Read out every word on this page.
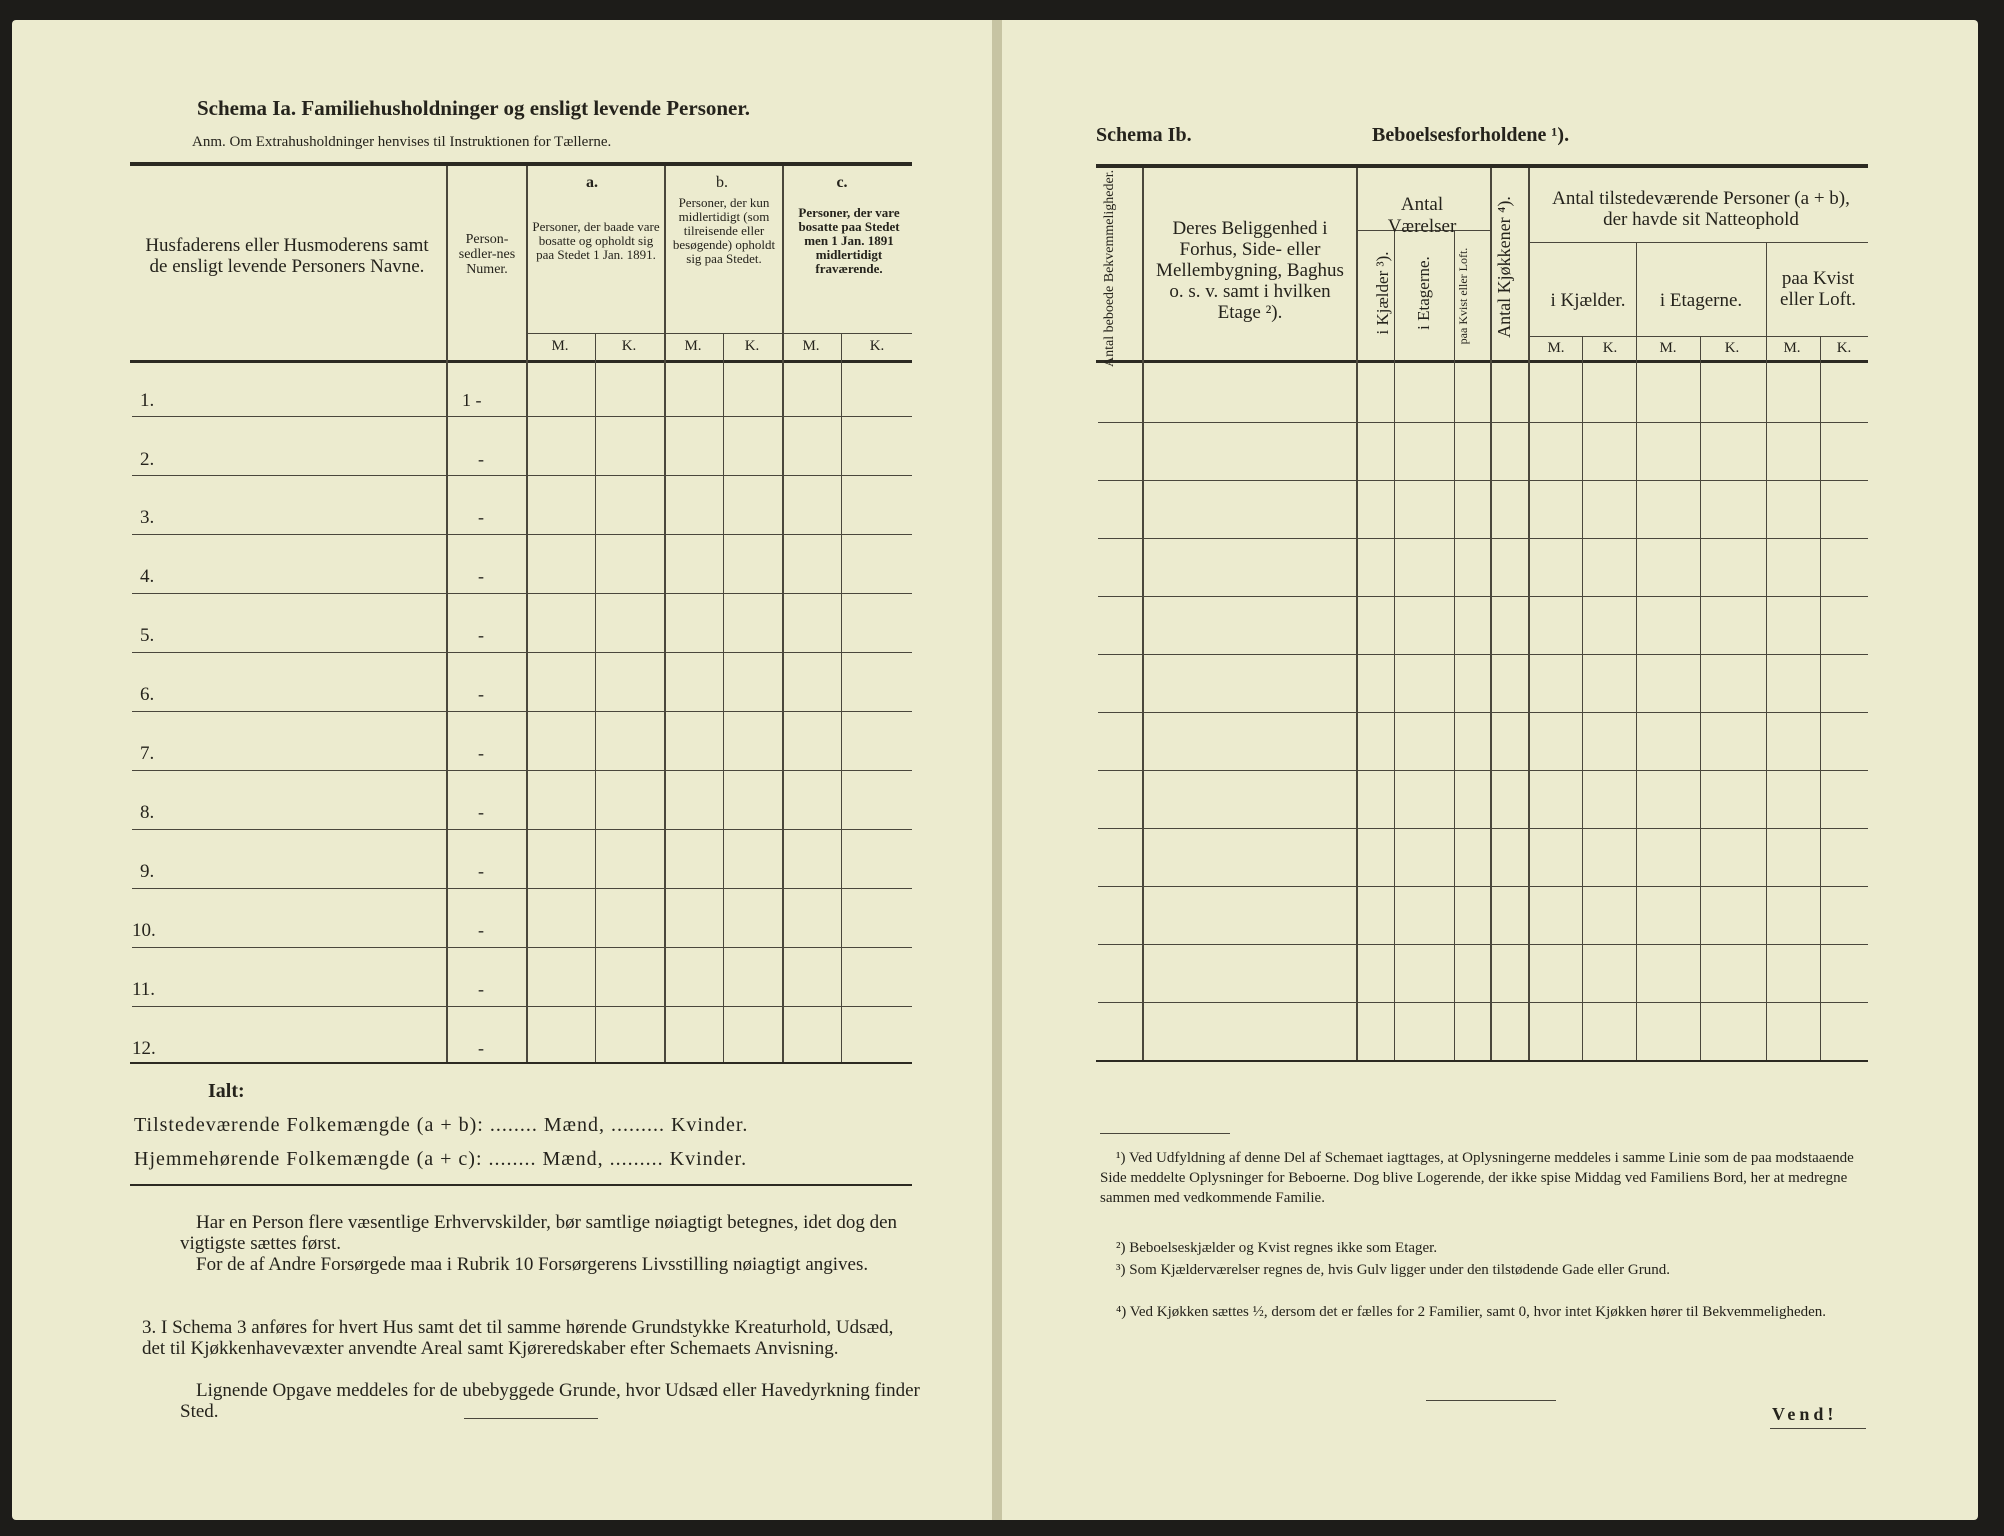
Schema Ia. Familiehusholdninger og ensligt levende Personer.
Anm. Om Extrahusholdninger henvises til Instruktionen for Tællerne.
Husfaderens eller Husmoderens samt de ensligt levende Personers Navne.
Person-sedler-nes Numer.
a.
Personer, der baade vare bosatte og opholdt sig paa Stedet 1 Jan. 1891.
b.
Personer, der kun midlertidigt (som tilreisende eller besøgende) opholdt sig paa Stedet.
c.
Personer, der vare bosatte paa Stedet men 1 Jan. 1891 midlertidigt fraværende.
M.	K.	M.	K.	M.	K.
1.	1 -
2.	-
3.	-
4.	-
5.	-
6.	-
7.	-
8.	-
9.	-
10.	-
11.	-
12.	-
Ialt:
Tilstedeværende Folkemængde (a + b): ........ Mænd, ......... Kvinder.
Hjemmehørende Folkemængde (a + c): ........ Mænd, ......... Kvinder.
Har en Person flere væsentlige Erhvervskilder, bør samtlige nøiagtigt betegnes, idet dog den vigtigste sættes først.
For de af Andre Forsørgede maa i Rubrik 10 Forsørgerens Livsstilling nøiagtigt angives.
3. I Schema 3 anføres for hvert Hus samt det til samme hørende Grundstykke Kreaturhold, Udsæd, det til Kjøkkenhavevæxter anvendte Areal samt Kjøreredskaber efter Schemaets Anvisning.
Lignende Opgave meddeles for de ubebyggede Grunde, hvor Udsæd eller Havedyrkning finder Sted.
Schema Ib.	Beboelsesforholdene ¹).
Antal beboede Bekvemmeligheder.	Deres Beliggenhed i Forhus, Side- eller Mellembygning, Baghus o. s. v. samt i hvilken Etage ²).
Antal Værelser
i Kjælder ³). i Etagerne. paa Kvist eller Loft.	Antal Kjøkkener ⁴).	Antal tilstedeværende Personer (a + b), der havde sit Natteophold
i Kjælder.	i Etagerne.
paa Kvist eller Loft.
M.	K.	M.	K.	M.	K.
¹) Ved Udfyldning af denne Del af Schemaet iagttages, at Oplysningerne meddeles i samme Linie som de paa modstaaende Side meddelte Oplysninger for Beboerne. Dog blive Logerende, der ikke spise Middag ved Familiens Bord, her at medregne sammen med vedkommende Familie.
²) Beboelseskjælder og Kvist regnes ikke som Etager.
³) Som Kjælderværelser regnes de, hvis Gulv ligger under den tilstødende Gade eller Grund.
⁴) Ved Kjøkken sættes ½, dersom det er fælles for 2 Familier, samt 0, hvor intet Kjøkken hører til Bekvemmeligheden.
Vend!
